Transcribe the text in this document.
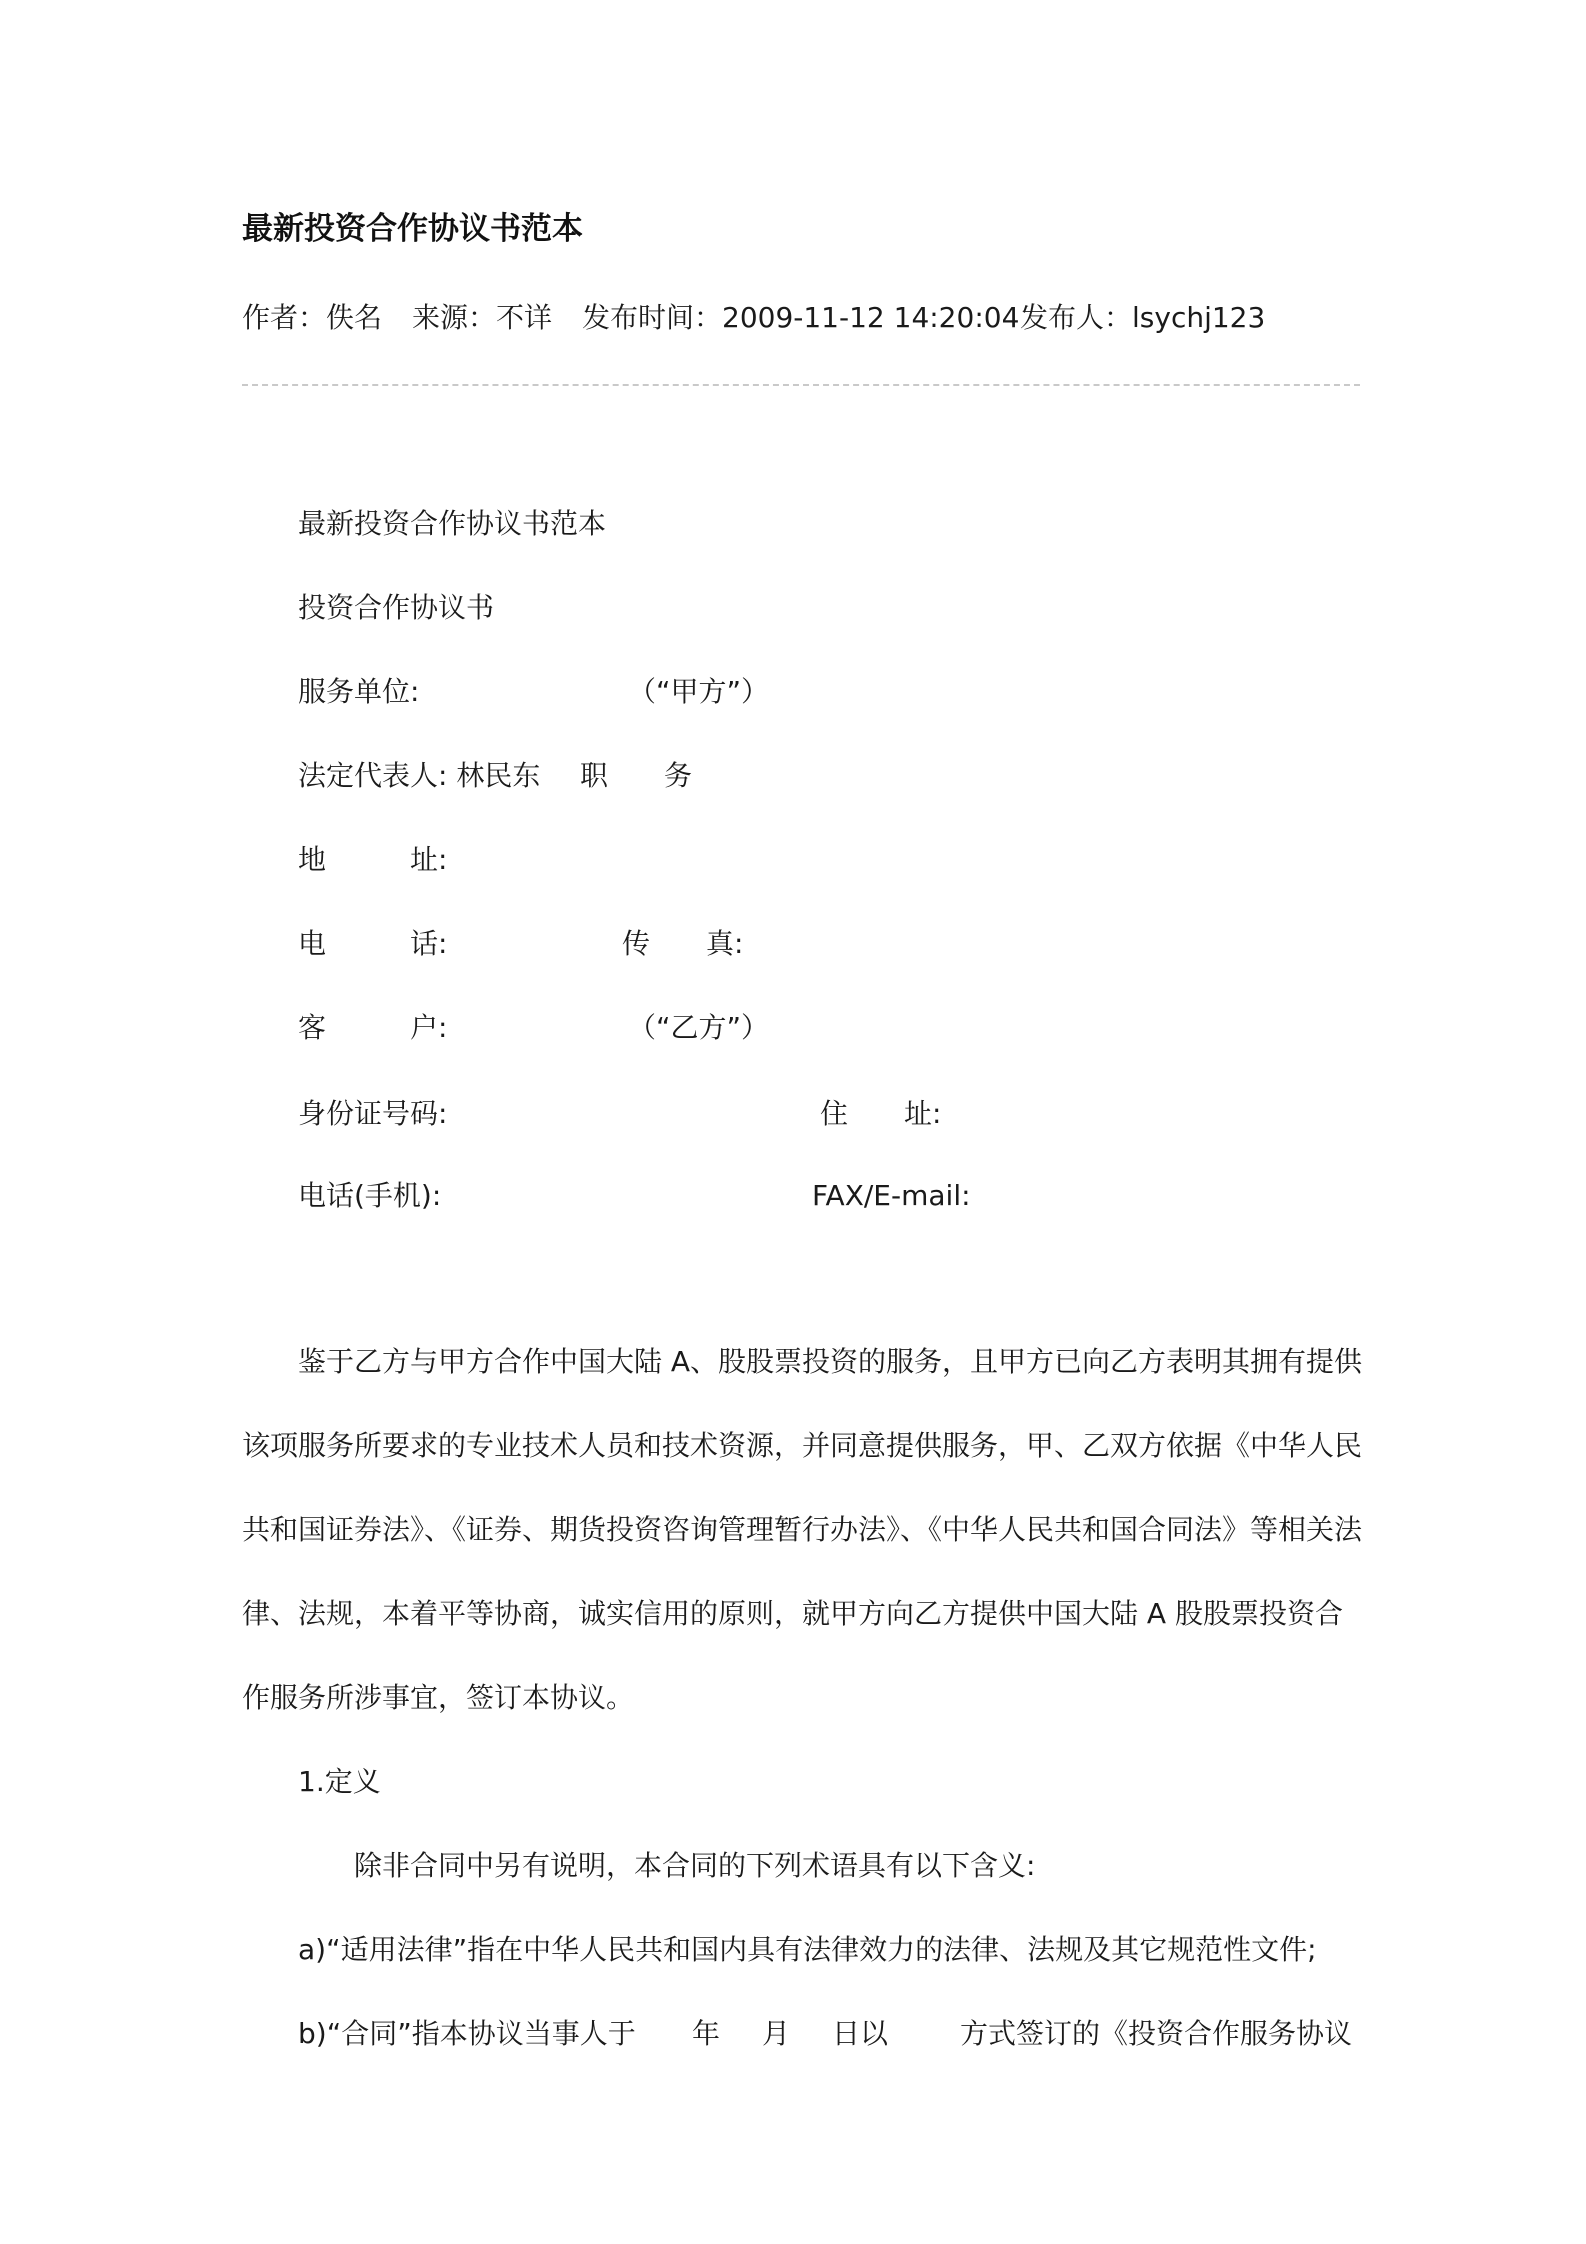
最新投资合作协议书范本
作者：佚名 来源：不详 发布时间：2009-11-12 14:20:04 发布人：lsychj123
最新投资合作协议书范本
投资合作协议书
服务单位:	（“甲方”）
法定代表人: 林民东 职 务
地	址:
电	话:	传 真:
客	户:	（“乙方”）
身份证号码:	住 址:
电话(手机):	FAX/E-mail:
鉴于乙方与甲方合作中国大陆 A、股股票投资的服务，且甲方已向乙方表明其拥有提供
该项服务所要求的专业技术人员和技术资源，并同意提供服务，甲、乙双方依据《中华人民
共和国证券法》、《证券、期货投资咨询管理暂行办法》、《中华人民共和国合同法》等相关法
律、法规，本着平等协商，诚实信用的原则，就甲方向乙方提供中国大陆 A 股股票投资合
作服务所涉事宜，签订本协议。
1.定义
除非合同中另有说明，本合同的下列术语具有以下含义:
a)“适用法律”指在中华人民共和国内具有法律效力的法律、法规及其它规范性文件;
b)“合同”指本协议当事人于 年 月 日以	方式签订的《投资合作服务协议
